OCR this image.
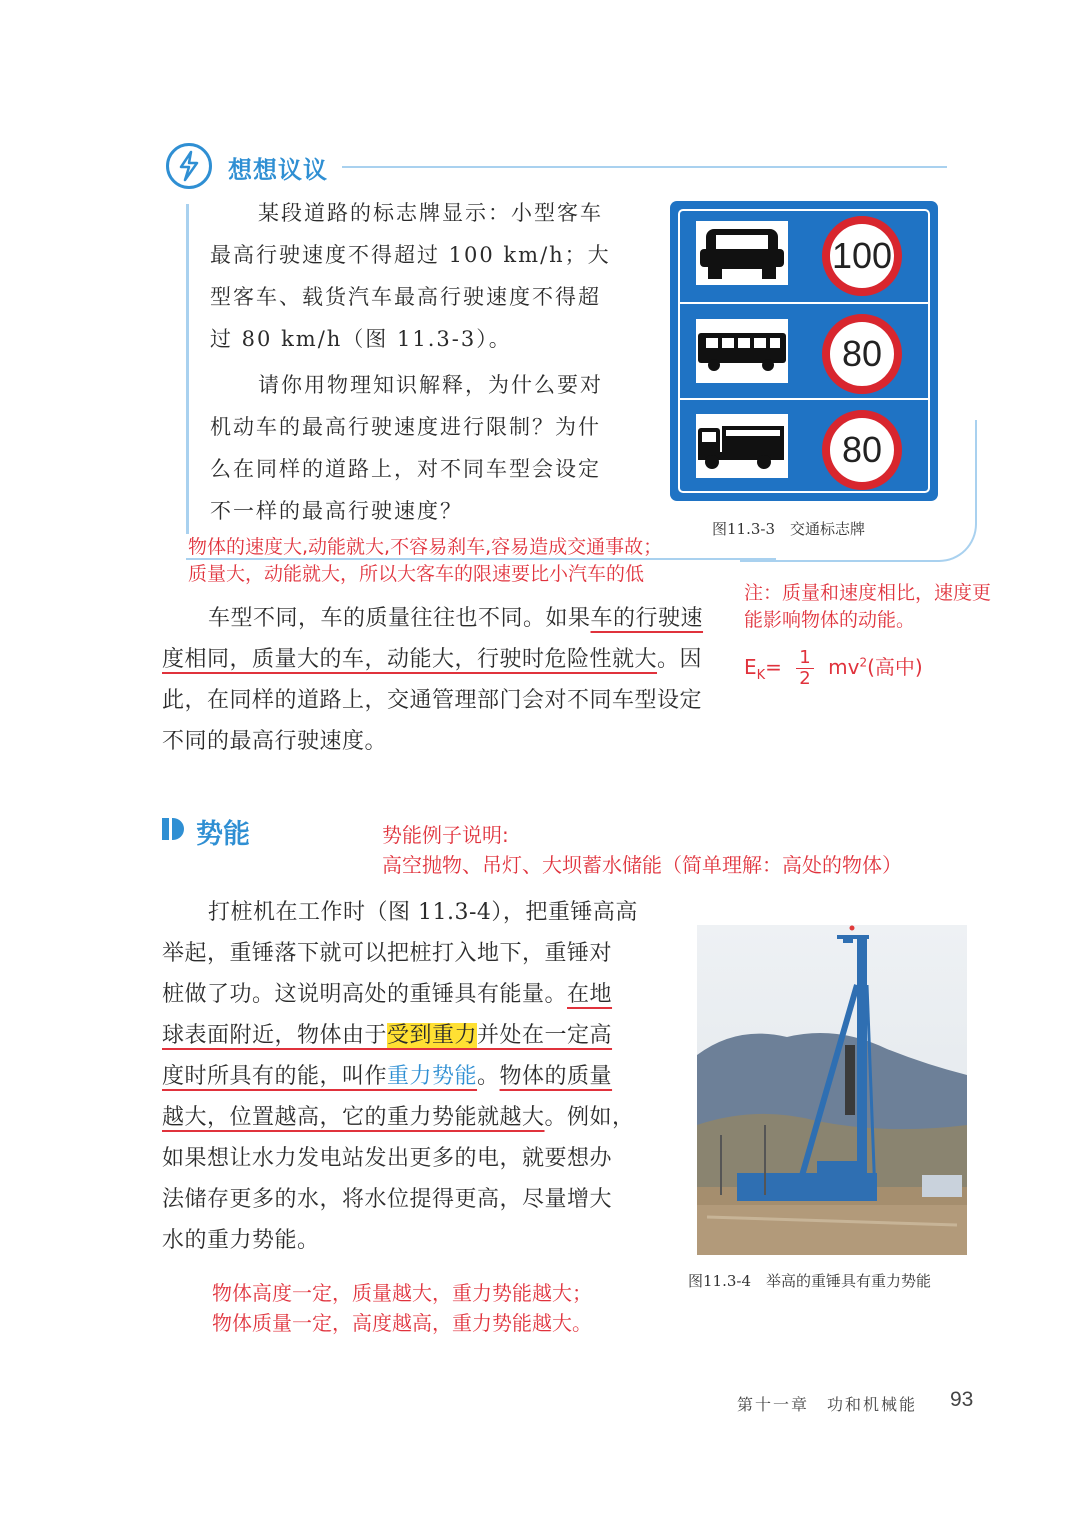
想想议议
某段道路的标志牌显示：小型客车
最高行驶速度不得超过 100 km/h；大
型客车、载货汽车最高行驶速度不得超
过 80 km/h（图 11.3-3）。
请你用物理知识解释，为什么要对
机动车的最高行驶速度进行限制？为什
么在同样的道路上，对不同车型会设定
不一样的最高行驶速度？
100
80
80
图11.3-3　交通标志牌
物体的速度大,动能就大,不容易刹车,容易造成交通事故；
质量大，动能就大，所以大客车的限速要比小汽车的低
注：质量和速度相比，速度更
能影响物体的动能。
$E_K= \frac{1}{2} mv^2$(高中)
车型不同，车的质量往往也不同。如果车的行驶速
度相同，质量大的车，动能大，行驶时危险性就大。因
此，在同样的道路上，交通管理部门会对不同车型设定
不同的最高行驶速度。
势能	势能例子说明:
高空抛物、吊灯、大坝蓄水储能（简单理解：高处的物体）
打桩机在工作时（图 11.3-4），把重锤高高
举起，重锤落下就可以把桩打入地下，重锤对
桩做了功。这说明高处的重锤具有能量。在地
球表面附近，物体由于受到重力并处在一定高
度时所具有的能，叫作重力势能。物体的质量
越大，位置越高，它的重力势能就越大。例如，
如果想让水力发电站发出更多的电，就要想办
法储存更多的水，将水位提得更高，尽量增大
水的重力势能。
图11.3-4　举高的重锤具有重力势能
物体高度一定，质量越大，重力势能越大；
物体质量一定，高度越高，重力势能越大。
第十一章　功和机械能 93
